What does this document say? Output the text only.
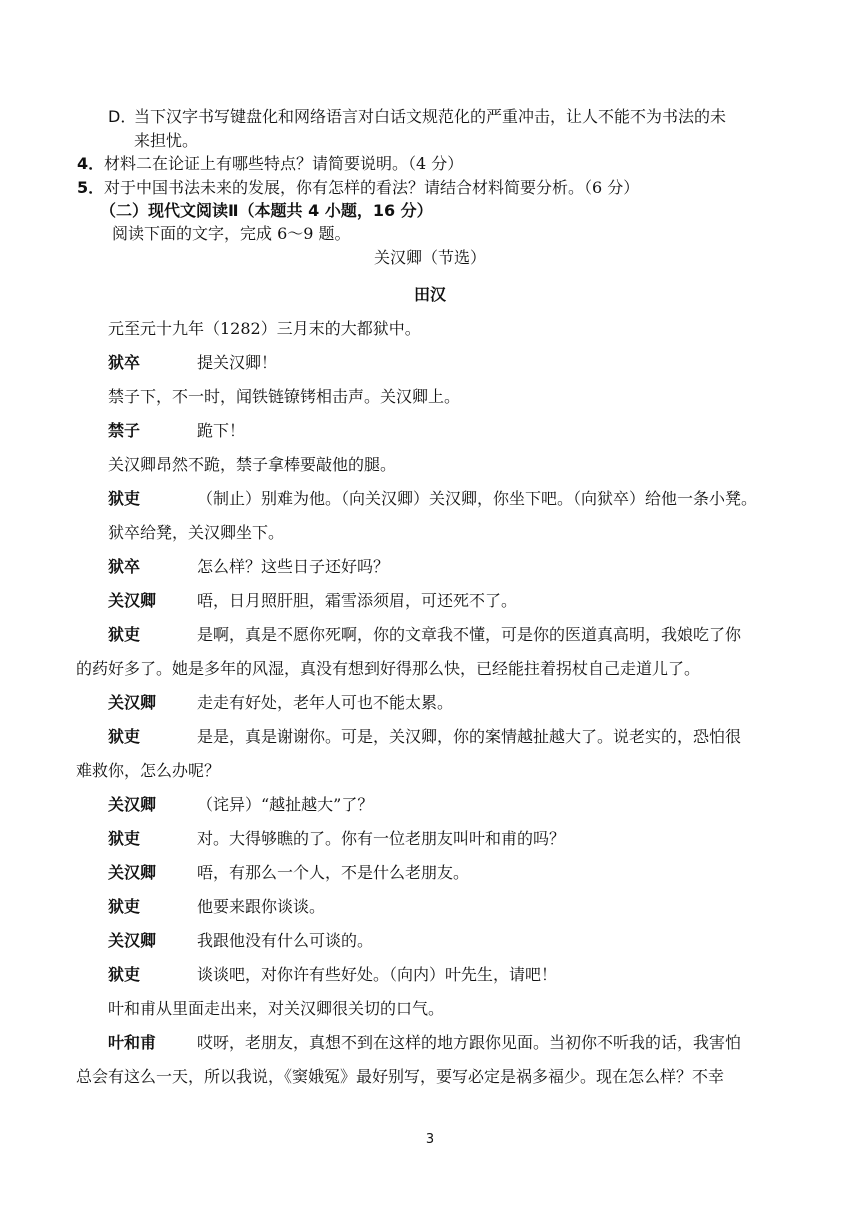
D．
当下汉字书写键盘化和网络语言对白话文规范化的严重冲击，让人不能不为书法的未
来担忧。
4． 材料二在论证上有哪些特点？请简要说明。（4 分）
5． 对于中国书法未来的发展，你有怎样的看法？请结合材料简要分析。（6 分）
（二）现代文阅读Ⅱ（本题共 4 小题，16 分）
阅读下面的文字，完成 6～9 题。
关汉卿（节选）
田汉
元至元十九年（1282）三月末的大都狱中。
狱卒	提关汉卿！
禁子下，不一时，闻铁链镣铐相击声。关汉卿上。
禁子	跪下！
关汉卿昂然不跪，禁子拿棒要敲他的腿。
狱吏	（制止）别难为他。（向关汉卿）关汉卿，你坐下吧。（向狱卒）给他一条小凳。
狱卒给凳，关汉卿坐下。
狱卒	怎么样？这些日子还好吗？
关汉卿	唔，日月照肝胆，霜雪添须眉，可还死不了。
狱吏	是啊，真是不愿你死啊，你的文章我不懂，可是你的医道真高明，我娘吃了你
的药好多了。她是多年的风湿，真没有想到好得那么快，已经能拄着拐杖自己走道儿了。
关汉卿	走走有好处，老年人可也不能太累。
狱吏	是是，真是谢谢你。可是，关汉卿，你的案情越扯越大了。说老实的，恐怕很
难救你，怎么办呢？
关汉卿	（诧异）“越扯越大”了？
狱吏	对。大得够瞧的了。你有一位老朋友叫叶和甫的吗？
关汉卿	唔，有那么一个人，不是什么老朋友。
狱吏	他要来跟你谈谈。
关汉卿	我跟他没有什么可谈的。
狱吏	谈谈吧，对你许有些好处。（向内）叶先生，请吧！
叶和甫从里面走出来，对关汉卿很关切的口气。
叶和甫	哎呀，老朋友，真想不到在这样的地方跟你见面。当初你不听我的话，我害怕
总会有这么一天，所以我说，《窦娥冤》最好别写，要写必定是祸多福少。现在怎么样？不幸
3
